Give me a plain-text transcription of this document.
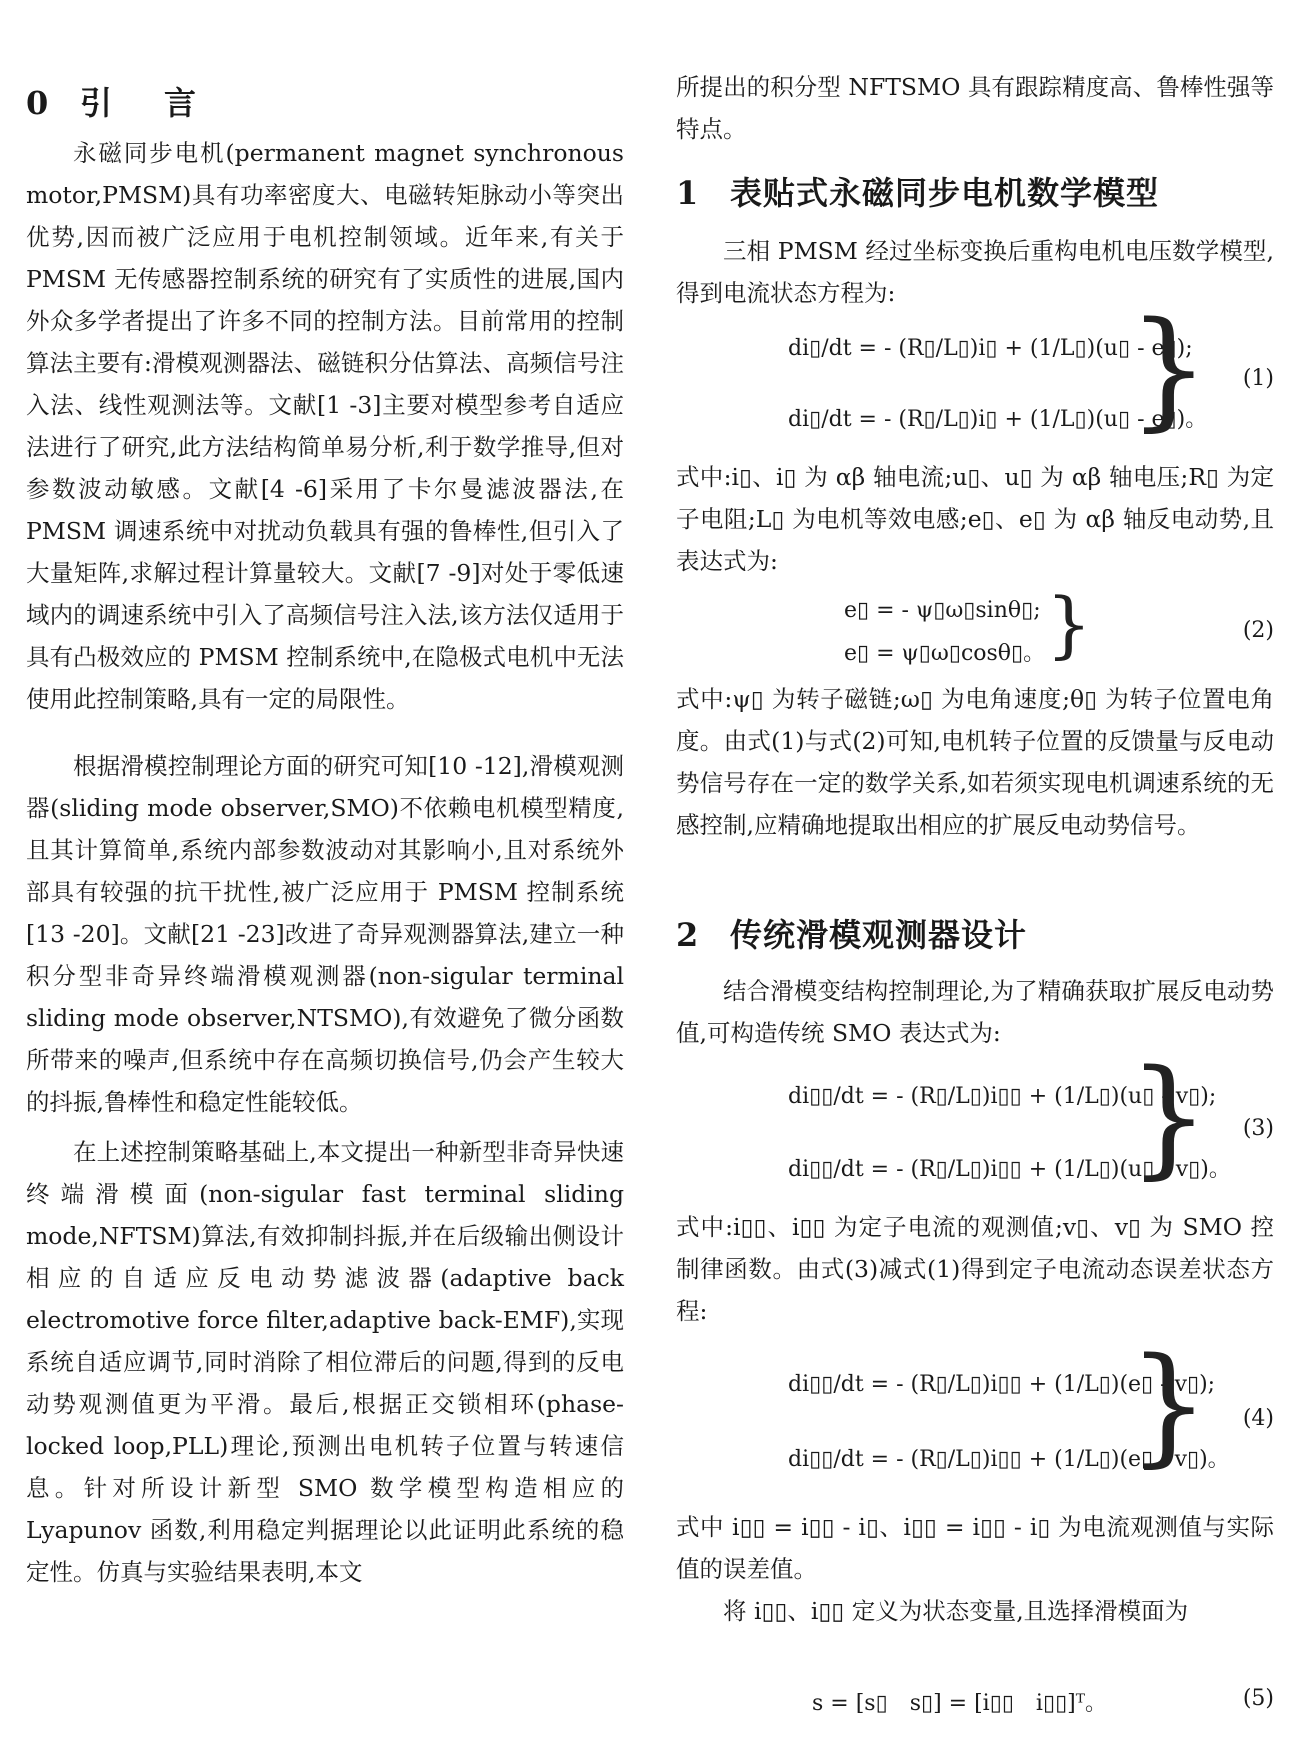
0 引　言

永磁同步电机(permanent magnet synchronous motor,PMSM)具有功率密度大、电磁转矩脉动小等突出优势,因而被广泛应用于电机控制领域。近年来,有关于 PMSM 无传感器控制系统的研究有了实质性的进展,国内外众多学者提出了许多不同的控制方法。目前常用的控制算法主要有:滑模观测器法、磁链积分估算法、高频信号注入法、线性观测法等。文献[1 -3]主要对模型参考自适应法进行了研究,此方法结构简单易分析,利于数学推导,但对参数波动敏感。文献[4 -6]采用了卡尔曼滤波器法,在 PMSM 调速系统中对扰动负载具有强的鲁棒性,但引入了大量矩阵,求解过程计算量较大。文献[7 -9]对处于零低速域内的调速系统中引入了高频信号注入法,该方法仅适用于具有凸极效应的 PMSM 控制系统中,在隐极式电机中无法使用此控制策略,具有一定的局限性。

根据滑模控制理论方面的研究可知[10 -12],滑模观测器(sliding mode observer,SMO)不依赖电机模型精度,且其计算简单,系统内部参数波动对其影响小,且对系统外部具有较强的抗干扰性,被广泛应用于 PMSM 控制系统[13 -20]。文献[21 -23]改进了奇异观测器算法,建立一种积分型非奇异终端滑模观测器(non-sigular terminal sliding mode observer,NTSMO),有效避免了微分函数所带来的噪声,但系统中存在高频切换信号,仍会产生较大的抖振,鲁棒性和稳定性能较低。

在上述控制策略基础上,本文提出一种新型非奇异快速终端滑模面(non-sigular fast terminal sliding mode,NFTSM)算法,有效抑制抖振,并在后级输出侧设计相应的自适应反电动势滤波器(adaptive back electromotive force filter,adaptive back-EMF),实现系统自适应调节,同时消除了相位滞后的问题,得到的反电动势观测值更为平滑。最后,根据正交锁相环(phase-locked loop,PLL)理论,预测出电机转子位置与转速信息。针对所设计新型 SMO 数学模型构造相应的 Lyapunov 函数,利用稳定判据理论以此证明此系统的稳定性。仿真与实验结果表明,本文

所提出的积分型 NFTSMO 具有跟踪精度高、鲁棒性强等特点。

1 表贴式永磁同步电机数学模型

三相 PMSM 经过坐标变换后重构电机电压数学模型,得到电流状态方程为:

di▯/dt = - (R▯/L▯)i▯ + (1/L▯)(u▯ - e▯);
di▯/dt = - (R▯/L▯)i▯ + (1/L▯)(u▯ - e▯)。
} (1)

式中:i▯、i▯ 为 αβ 轴电流;u▯、u▯ 为 αβ 轴电压;R▯ 为定子电阻;L▯ 为电机等效电感;e▯、e▯ 为 αβ 轴反电动势,且表达式为:

e▯ = - ψ▯ω▯sinθ▯;
e▯ = ψ▯ω▯cosθ▯。 }	(2)

式中:ψ▯ 为转子磁链;ω▯ 为电角速度;θ▯ 为转子位置电角度。由式(1)与式(2)可知,电机转子位置的反馈量与反电动势信号存在一定的数学关系,如若须实现电机调速系统的无感控制,应精确地提取出相应的扩展反电动势信号。

2 传统滑模观测器设计

结合滑模变结构控制理论,为了精确获取扩展反电动势值,可构造传统 SMO 表达式为:

di▯▯/dt = - (R▯/L▯)i▯▯ + (1/L▯)(u▯ - v▯);
di▯▯/dt = - (R▯/L▯)i▯▯ + (1/L▯)(u▯ - v▯)。
} (3)

式中:i▯▯、i▯▯ 为定子电流的观测值;v▯、v▯ 为 SMO 控制律函数。由式(3)减式(1)得到定子电流动态误差状态方程:

di▯▯/dt = - (R▯/L▯)i▯▯ + (1/L▯)(e▯ - v▯);
di▯▯/dt = - (R▯/L▯)i▯▯ + (1/L▯)(e▯ - v▯)。
} (4)

式中 i▯▯ = i▯▯ - i▯、i▯▯ = i▯▯ - i▯ 为电流观测值与实际值的误差值。

将 i▯▯、i▯▯ 定义为状态变量,且选择滑模面为

s = [s▯　s▯] = [i▯▯　i▯▯]ᵀ。	(5)
